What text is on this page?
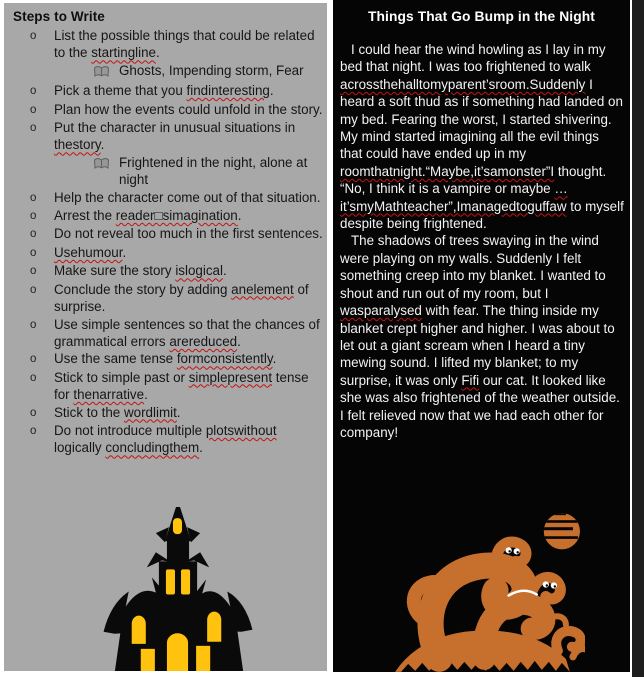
Steps to Write
o	List the possible things that could be related to the startingline.
Ghosts, Impending storm, Fear
o	Pick a theme that you findinteresting.
o	Plan how the events could unfold in the story.
o	Put the character in unusual situations in thestory.
Frightened in the night, alone at night
o	Help the character come out of that situation.
o	Arrest the reader□simagination.
o	Do not reveal too much in the first sentences.
o	Usehumour.
o	Make sure the story islogical.
o	Conclude the story by adding anelement of surprise.
o	Use simple sentences so that the chances of grammatical errors arereduced.
o	Use the same tense formconsistently.
o	Stick to simple past or simplepresent tense for thenarrative.
o	Stick to the wordlimit.
o	Do not introduce multiple plotswithout logically concludingthem.
Things That Go Bump in the Night

I could hear the wind howling as I lay in my bed that night. I was too frightened to walk acrossthehalltomyparent’sroom.Suddenly I heard a soft thud as if something had landed on my bed. Fearing the worst, I started shivering. My mind started imagining all the evil things that could have ended up in my roomthatnight.“Maybe,it’samonster”I thought. “No, I think it is a vampire or maybe …it’smyMathteacher”,Imanagedtoguffaw to myself despite being frightened.

The shadows of trees swaying in the wind were playing on my walls. Suddenly I felt something creep into my blanket. I wanted to shout and run out of my room, but I wasparalysed with fear. The thing inside my blanket crept higher and higher. I was about to let out a giant scream when I heard a tiny mewing sound. I lifted my blanket; to my surprise, it was only Fifi our cat. It looked like she was also frightened of the weather outside. I felt relieved now that we had each other for company!
